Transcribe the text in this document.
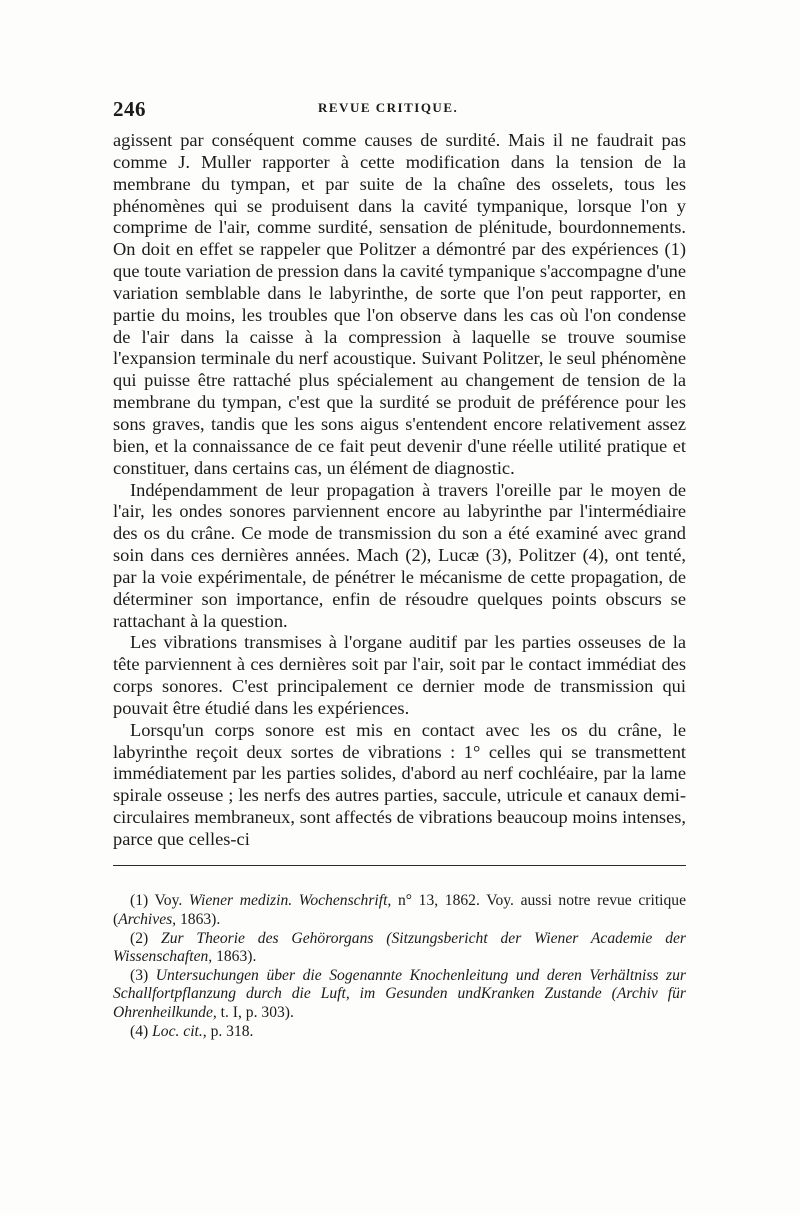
246	REVUE CRITIQUE.

agissent par conséquent comme causes de surdité. Mais il ne faudrait pas comme J. Muller rapporter à cette modification dans la tension de la membrane du tympan, et par suite de la chaîne des osselets, tous les phénomènes qui se produisent dans la cavité tympanique, lorsque l'on y comprime de l'air, comme surdité, sensation de plénitude, bourdonnements. On doit en effet se rappeler que Politzer a démontré par des expériences (1) que toute variation de pression dans la cavité tympanique s'accompagne d'une variation semblable dans le labyrinthe, de sorte que l'on peut rapporter, en partie du moins, les troubles que l'on observe dans les cas où l'on condense de l'air dans la caisse à la compression à laquelle se trouve soumise l'expansion terminale du nerf acoustique. Suivant Politzer, le seul phénomène qui puisse être rattaché plus spécialement au changement de tension de la membrane du tympan, c'est que la surdité se produit de préférence pour les sons graves, tandis que les sons aigus s'entendent encore relativement assez bien, et la connaissance de ce fait peut devenir d'une réelle utilité pratique et constituer, dans certains cas, un élément de diagnostic.

Indépendamment de leur propagation à travers l'oreille par le moyen de l'air, les ondes sonores parviennent encore au labyrinthe par l'intermédiaire des os du crâne. Ce mode de transmission du son a été examiné avec grand soin dans ces dernières années. Mach (2), Lucæ (3), Politzer (4), ont tenté, par la voie expérimentale, de pénétrer le mécanisme de cette propagation, de déterminer son importance, enfin de résoudre quelques points obscurs se rattachant à la question.

Les vibrations transmises à l'organe auditif par les parties osseuses de la tête parviennent à ces dernières soit par l'air, soit par le contact immédiat des corps sonores. C'est principalement ce dernier mode de transmission qui pouvait être étudié dans les expériences.

Lorsqu'un corps sonore est mis en contact avec les os du crâne, le labyrinthe reçoit deux sortes de vibrations : 1° celles qui se transmettent immédiatement par les parties solides, d'abord au nerf cochléaire, par la lame spirale osseuse ; les nerfs des autres parties, saccule, utricule et canaux demi-circulaires membraneux, sont affectés de vibrations beaucoup moins intenses, parce que celles-ci

(1) Voy. Wiener medizin. Wochenschrift, n° 13, 1862. Voy. aussi notre revue critique (Archives, 1863).

(2) Zur Theorie des Gehörorgans (Sitzungsbericht der Wiener Academie der Wissenschaften, 1863).

(3) Untersuchungen über die Sogenannte Knochenleitung und deren Verhältniss zur Schallfortpflanzung durch die Luft, im Gesunden undKranken Zustande (Archiv für Ohrenheilkunde, t. I, p. 303).

(4) Loc. cit., p. 318.
